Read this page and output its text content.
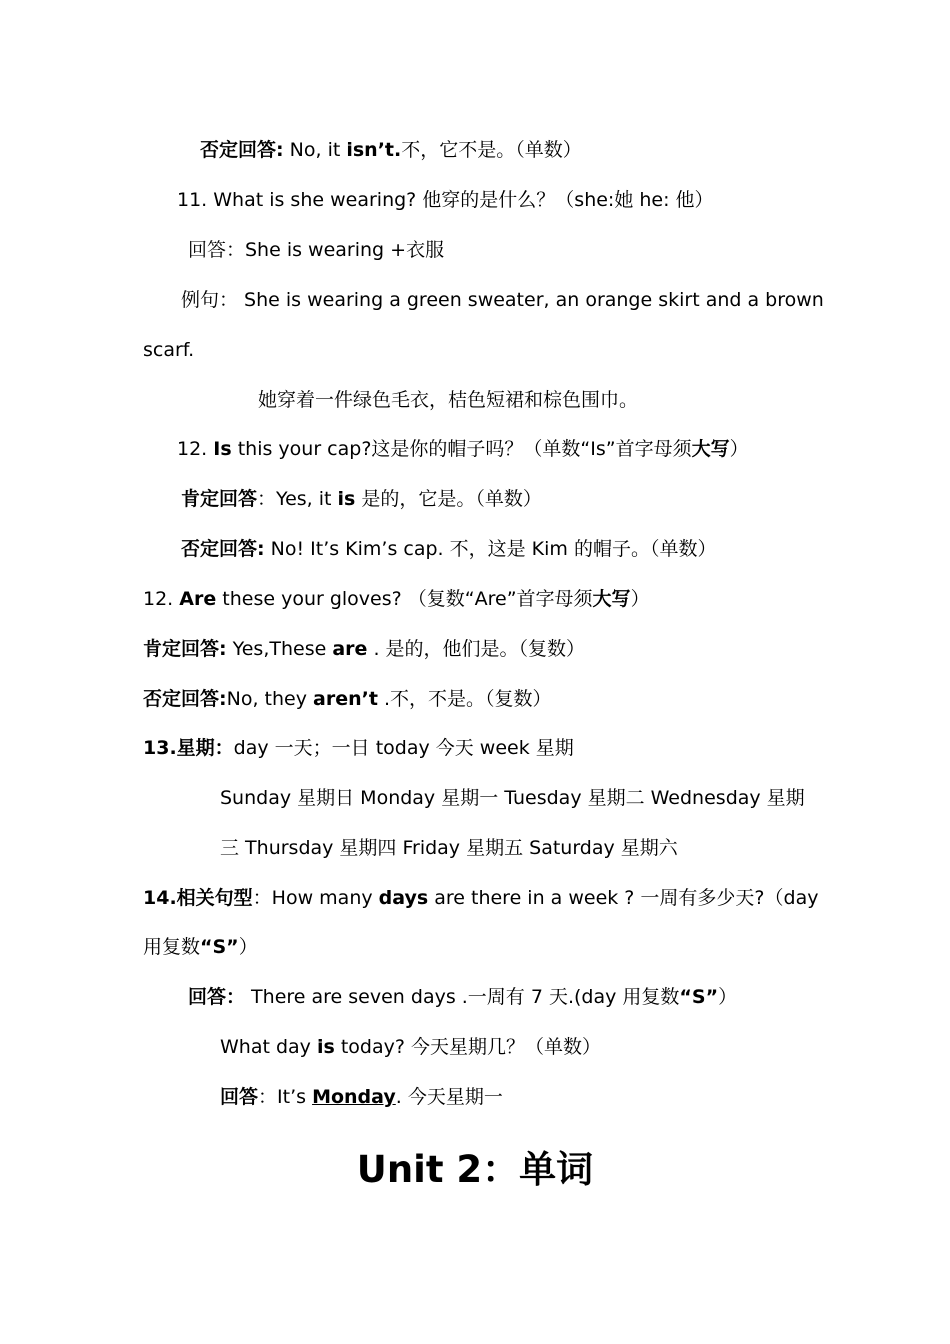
否定回答: No, it isn’t.不，它不是。（单数）
11. What is she wearing? 他穿的是什么？（she:她 he: 他）
回答：She is wearing +衣服
例句： She is wearing a green sweater, an orange skirt and a brown
scarf.
她穿着一件绿色毛衣，桔色短裙和棕色围巾。
12. Is this your cap?这是你的帽子吗？（单数“Is”首字母须大写）
肯定回答：Yes, it is 是的，它是。（单数）
否定回答: No! It’s Kim’s cap. 不，这是 Kim 的帽子。（单数）
12. Are these your gloves? （复数“Are”首字母须大写）
肯定回答: Yes,These are . 是的，他们是。（复数）
否定回答:No, they aren’t .不，不是。（复数）
13.星期：day 一天；一日 today 今天 week 星期
Sunday 星期日 Monday 星期一 Tuesday 星期二 Wednesday 星期
三 Thursday 星期四 Friday 星期五 Saturday 星期六
14.相关句型：How many days are there in a week ? 一周有多少天?（day
用复数“S”）
回答： There are seven days .一周有 7 天.(day 用复数“S”）
What day is today? 今天星期几？（单数）
回答：It’s Monday. 今天星期一
Unit 2：单词
